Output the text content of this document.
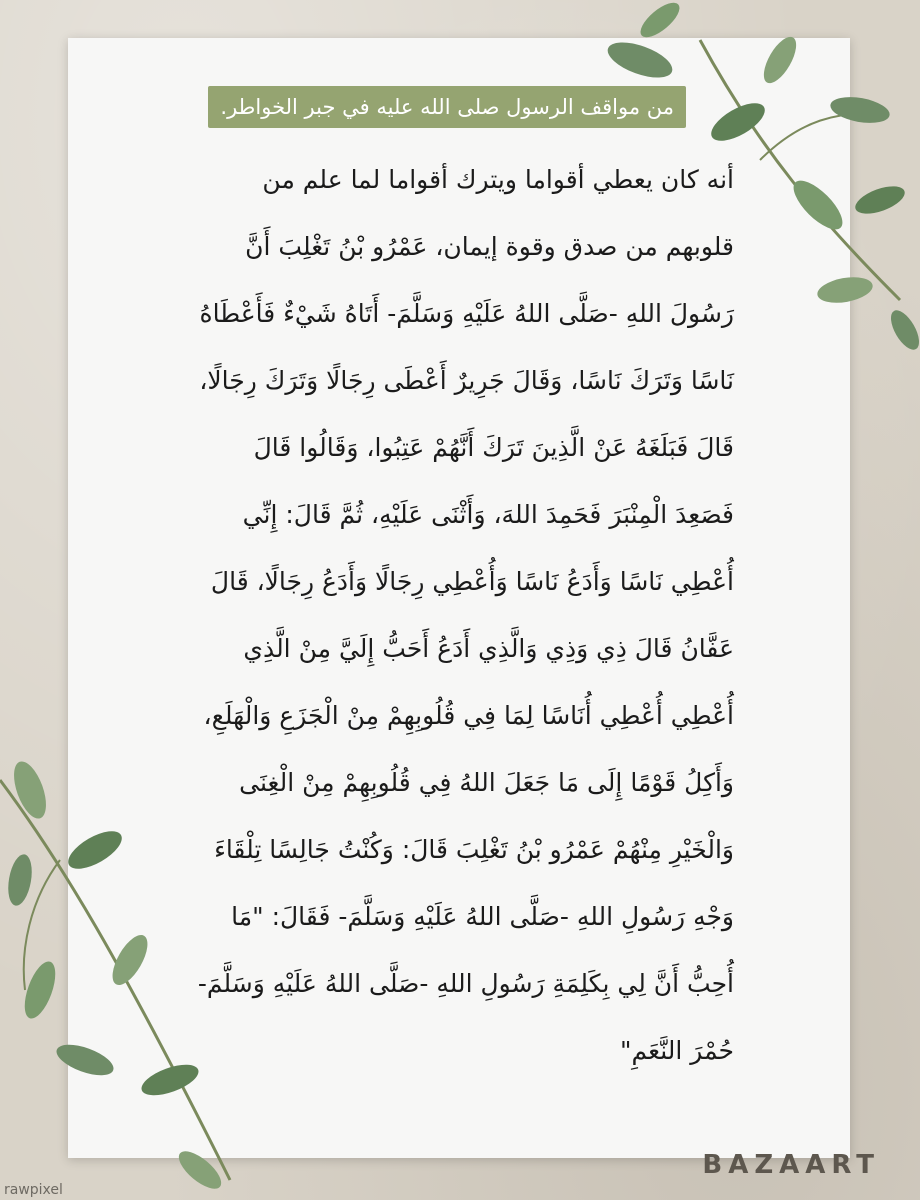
من مواقف الرسول صلى الله عليه في جبر الخواطر.
أنه كان يعطي أقواما ويترك أقواما لما علم من
قلوبهم من صدق وقوة إيمان، عَمْرُو بْنُ تَغْلِبَ أَنَّ
رَسُولَ اللهِ -صَلَّى اللهُ عَلَيْهِ وَسَلَّمَ- أَتَاهُ شَيْءٌ فَأَعْطَاهُ
نَاسًا وَتَرَكَ نَاسًا، وَقَالَ جَرِيرٌ أَعْطَى رِجَالًا وَتَرَكَ رِجَالًا،
قَالَ فَبَلَغَهُ عَنْ الَّذِينَ تَرَكَ أَنَّهُمْ عَتِبُوا، وَقَالُوا قَالَ
فَصَعِدَ الْمِنْبَرَ فَحَمِدَ اللهَ، وَأَثْنَى عَلَيْهِ، ثُمَّ قَالَ: إِنِّي
أُعْطِي نَاسًا وَأَدَعُ نَاسًا وَأُعْطِي رِجَالًا وَأَدَعُ رِجَالًا، قَالَ
عَفَّانُ قَالَ ذِي وَذِي وَالَّذِي أَدَعُ أَحَبُّ إِلَيَّ مِنْ الَّذِي
أُعْطِي أُعْطِي أُنَاسًا لِمَا فِي قُلُوبِهِمْ مِنْ الْجَزَعِ وَالْهَلَعِ،
وَأَكِلُ قَوْمًا إِلَى مَا جَعَلَ اللهُ فِي قُلُوبِهِمْ مِنْ الْغِنَى
وَالْخَيْرِ مِنْهُمْ عَمْرُو بْنُ تَغْلِبَ قَالَ: وَكُنْتُ جَالِسًا تِلْقَاءَ
وَجْهِ رَسُولِ اللهِ -صَلَّى اللهُ عَلَيْهِ وَسَلَّمَ- فَقَالَ: "مَا
أُحِبُّ أَنَّ لِي بِكَلِمَةِ رَسُولِ اللهِ -صَلَّى اللهُ عَلَيْهِ وَسَلَّمَ-
حُمْرَ النَّعَمِ"
BAZAART
rawpixel
